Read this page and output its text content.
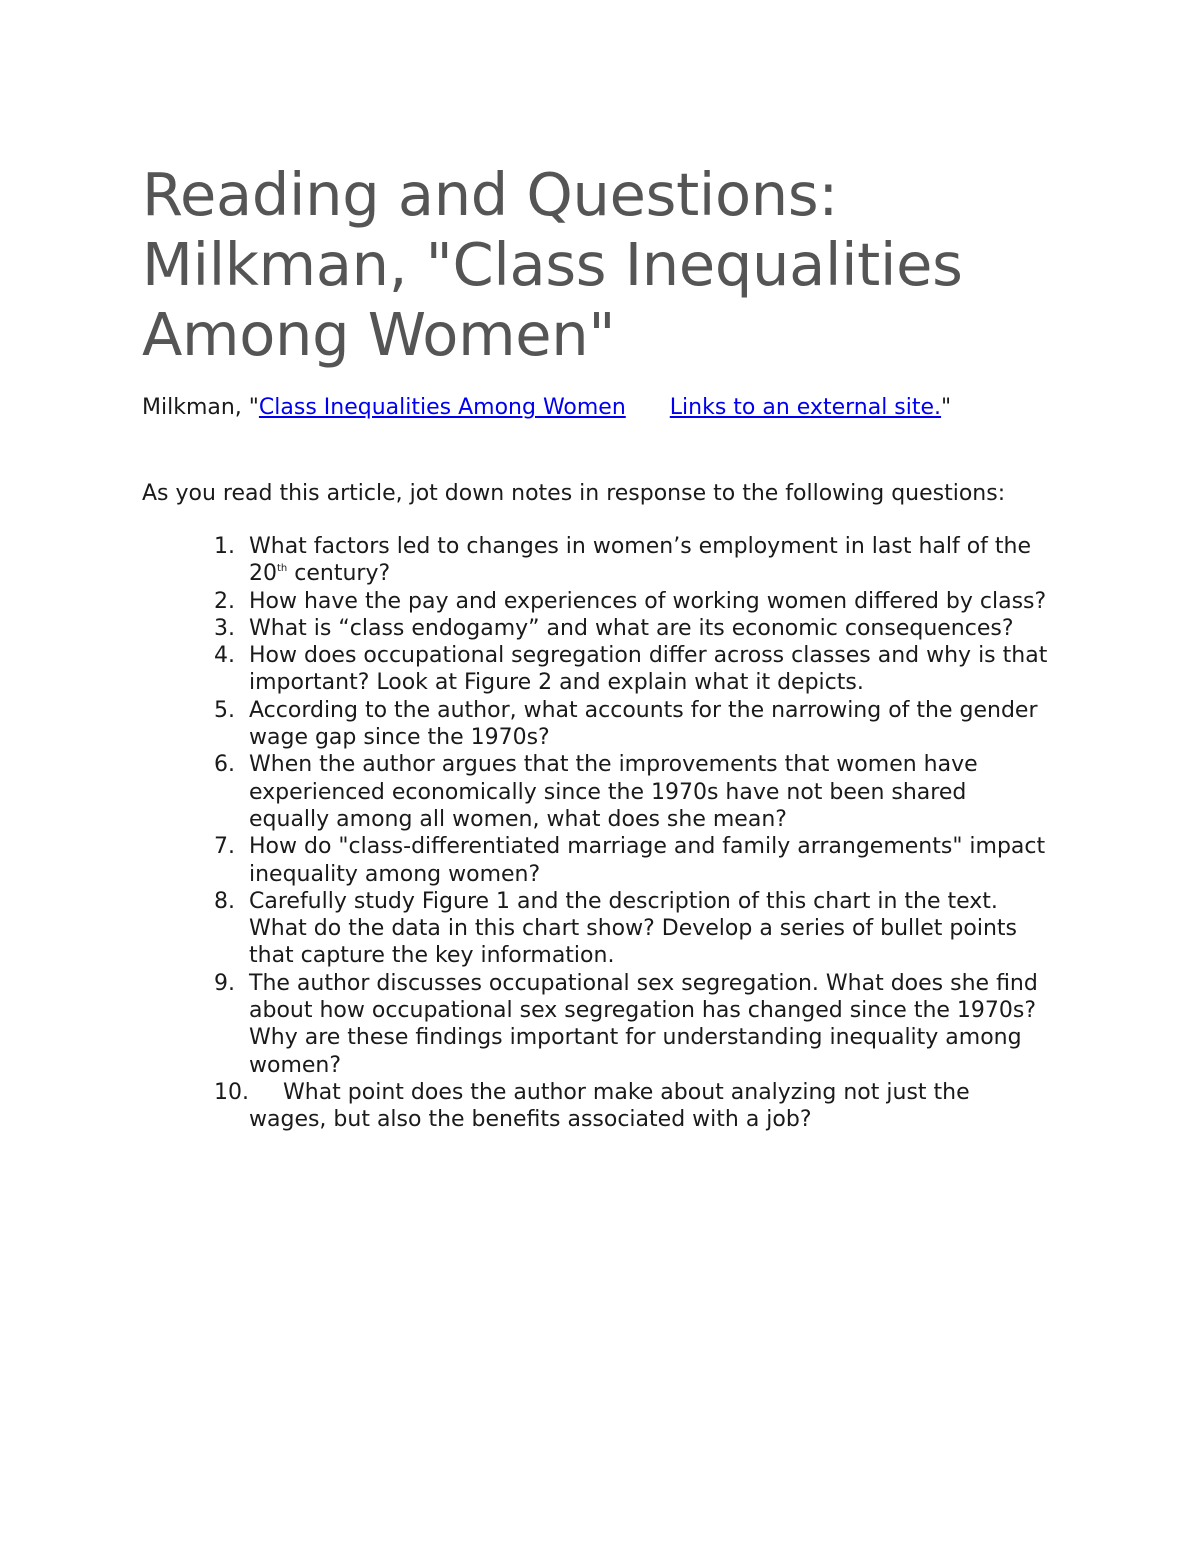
Reading and Questions: Milkman, "Class Inequalities Among Women"
Milkman, "Class Inequalities Among Women Links to an external site."

As you read this article, jot down notes in response to the following questions:

1. What factors led to changes in women’s employment in last half of the 20th century?
2. How have the pay and experiences of working women differed by class?
3. What is “class endogamy” and what are its economic consequences?
4. How does occupational segregation differ across classes and why is that important? Look at Figure 2 and explain what it depicts.
5. According to the author, what accounts for the narrowing of the gender wage gap since the 1970s?
6. When the author argues that the improvements that women have experienced economically since the 1970s have not been shared equally among all women, what does she mean?
7. How do "class-differentiated marriage and family arrangements" impact inequality among women?
8. Carefully study Figure 1 and the description of this chart in the text. What do the data in this chart show? Develop a series of bullet points that capture the key information.
9. The author discusses occupational sex segregation. What does she find about how occupational sex segregation has changed since the 1970s? Why are these findings important for understanding inequality among women?
10. What point does the author make about analyzing not just the wages, but also the benefits associated with a job?
